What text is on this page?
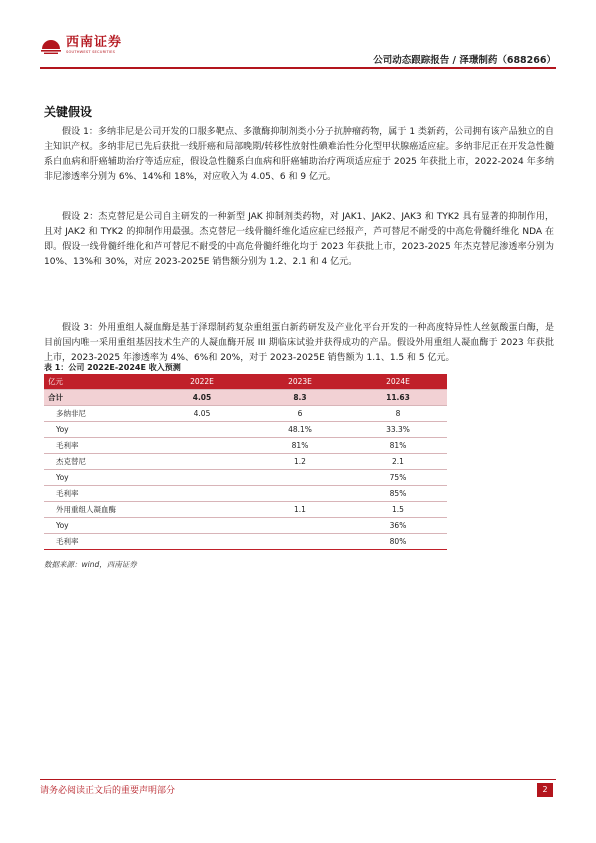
西南证券
SOUTHWEST SECURITIES
公司动态跟踪报告 / 泽璟制药（688266）
关键假设

假设 1：多纳非尼是公司开发的口服多靶点、多激酶抑制剂类小分子抗肿瘤药物，属于 1 类新药，公司拥有该产品独立的自主知识产权。多纳非尼已先后获批一线肝癌和局部晚期/转移性放射性碘难治性分化型甲状腺癌适应症。多纳非尼正在开发急性髓系白血病和肝癌辅助治疗等适应症，假设急性髓系白血病和肝癌辅助治疗两项适应症于 2025 年获批上市，2022-2024 年多纳非尼渗透率分别为 6%、14%和 18%，对应收入为 4.05、6 和 9 亿元。

假设 2：杰克替尼是公司自主研发的一种新型 JAK 抑制剂类药物，对 JAK1、JAK2、JAK3 和 TYK2 具有显著的抑制作用，且对 JAK2 和 TYK2 的抑制作用最强。杰克替尼一线骨髓纤维化适应症已经报产，芦可替尼不耐受的中高危骨髓纤维化 NDA 在即。假设一线骨髓纤维化和芦可替尼不耐受的中高危骨髓纤维化均于 2023 年获批上市，2023-2025 年杰克替尼渗透率分别为 10%、13%和 30%，对应 2023-2025E 销售额分别为 1.2、2.1 和 4 亿元。

假设 3：外用重组人凝血酶是基于泽璟制药复杂重组蛋白新药研发及产业化平台开发的一种高度特异性人丝氨酸蛋白酶，是目前国内唯一采用重组基因技术生产的人凝血酶开展 III 期临床试验并获得成功的产品。假设外用重组人凝血酶于 2023 年获批上市，2023-2025 年渗透率为 4%、6%和 20%，对于 2023-2025E 销售额为 1.1、1.5 和 5 亿元。

表 1：公司 2022E-2024E 收入预测
亿元	2022E	2023E	2024E
合计	4.05	8.3	11.63
多纳非尼	4.05	6	8
Yoy		48.1%	33.3%
毛利率		81%	81%
杰克替尼		1.2	2.1
Yoy			75%
毛利率			85%
外用重组人凝血酶		1.1	1.5
Yoy			36%
毛利率			80%
数据来源：wind，西南证券
请务必阅读正文后的重要声明部分	2
